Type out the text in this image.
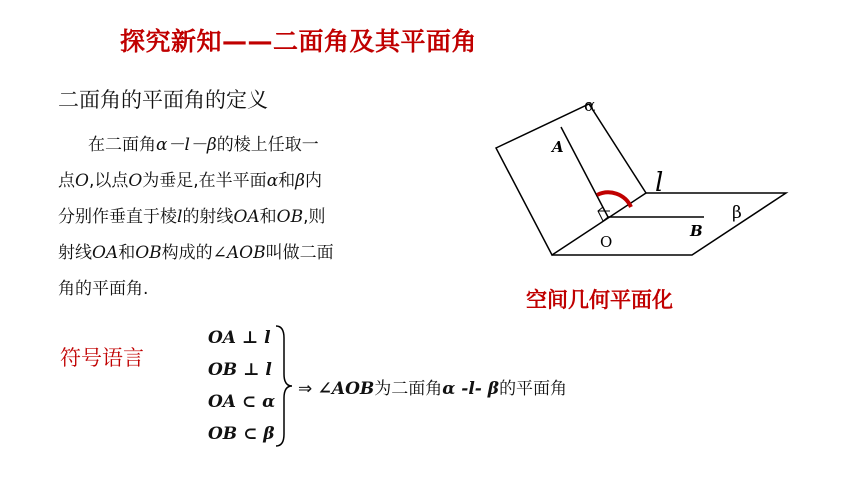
探究新知——二面角及其平面角
二面角的平面角的定义
在二面角α－l－β的棱上任取一
点O,以点O为垂足,在半平面α和β内
分别作垂直于棱l的射线OA和OB,则
射线OA和OB构成的∠AOB叫做二面
角的平面角.
α
β
l
A
B
O
空间几何平面化
符号语言
OA ⊥ l
OB ⊥ l
OA ⊂ α
OB ⊂ β
⇒ ∠AOB为二面角α -l- β的平面角
